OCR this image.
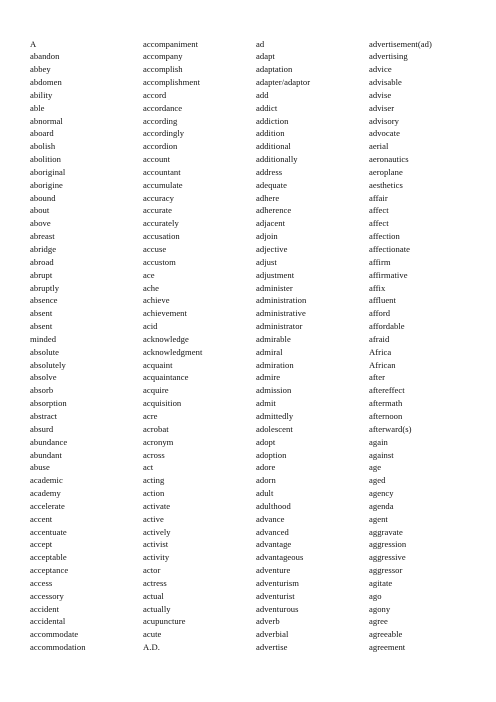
A
abandon
abbey
abdomen
ability
able
abnormal
aboard
abolish
abolition
aboriginal
aborigine
abound
about
above
abreast
abridge
abroad
abrupt
abruptly
absence
absent
absent
minded
absolute
absolutely
absolve
absorb
absorption
abstract
absurd
abundance
abundant
abuse
academic
academy
accelerate
accent
accentuate
accept
acceptable
acceptance
access
accessory
accident
accidental
accommodate
accommodation
accompaniment
accompany
accomplish
accomplishment
accord
accordance
according
accordingly
accordion
account
accountant
accumulate
accuracy
accurate
accurately
accusation
accuse
accustom
ace
ache
achieve
achievement
acid
acknowledge
acknowledgment
acquaint
acquaintance
acquire
acquisition
acre
acrobat
acronym
across
act
acting
action
activate
active
actively
activist
activity
actor
actress
actual
actually
acupuncture
acute
A.D.
ad
adapt
adaptation
adapter/adaptor
add
addict
addiction
addition
additional
additionally
address
adequate
adhere
adherence
adjacent
adjoin
adjective
adjust
adjustment
administer
administration
administrative
administrator
admirable
admiral
admiration
admire
admission
admit
admittedly
adolescent
adopt
adoption
adore
adorn
adult
adulthood
advance
advanced
advantage
advantageous
adventure
adventurism
adventurist
adventurous
adverb
adverbial
advertise
advertisement(ad)
advertising
advice
advisable
advise
adviser
advisory
advocate
aerial
aeronautics
aeroplane
aesthetics
affair
affect
affect
affection
affectionate
affirm
affirmative
affix
affluent
afford
affordable
afraid
Africa
African
after
aftereffect
aftermath
afternoon
afterward(s)
again
against
age
aged
agency
agenda
agent
aggravate
aggression
aggressive
aggressor
agitate
ago
agony
agree
agreeable
agreement
